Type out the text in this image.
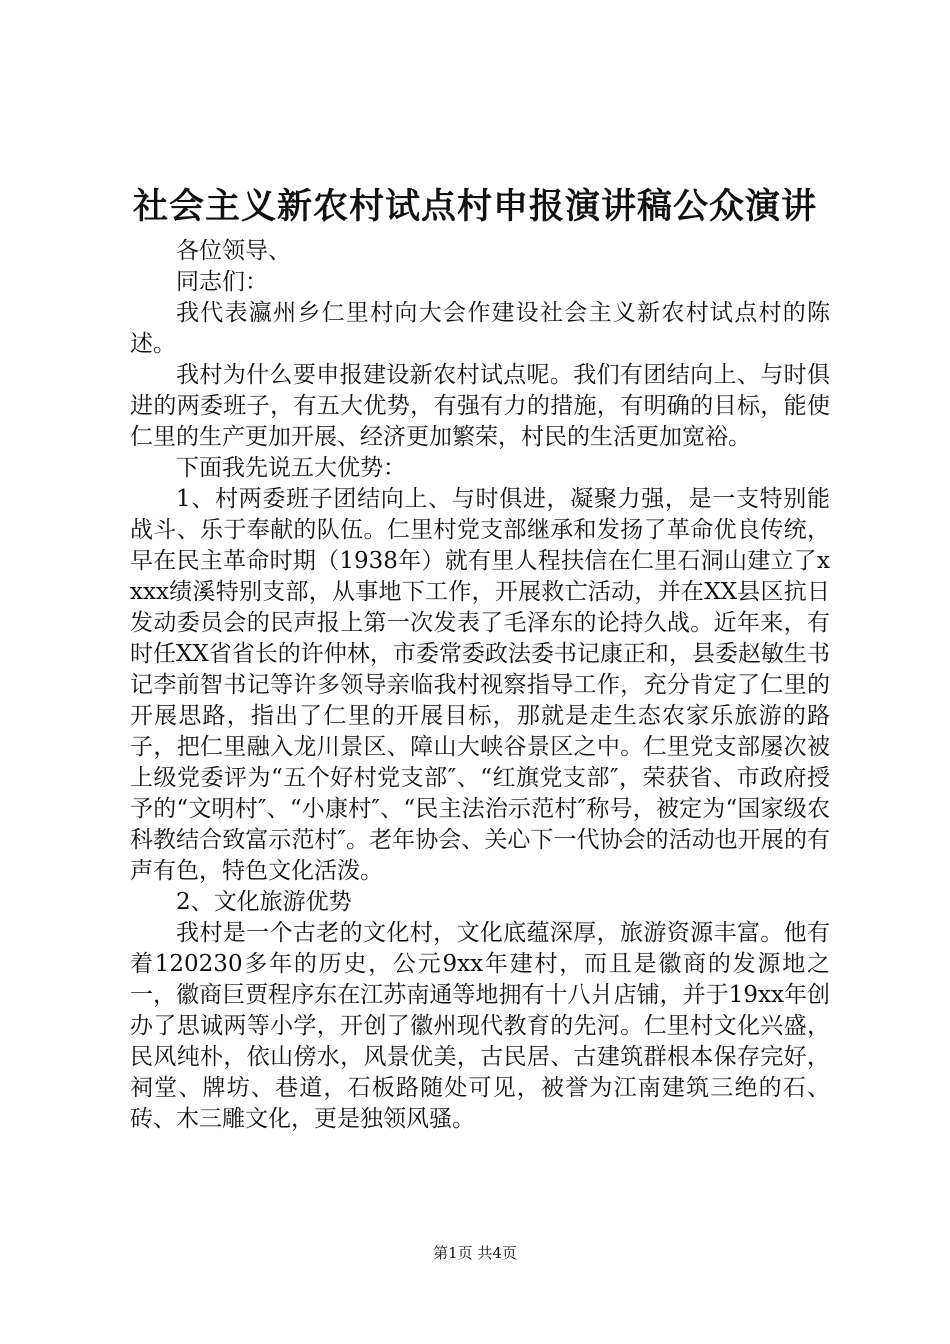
社会主义新农村试点村申报演讲稿公众演讲

各位领导、

同志们：

我代表瀛州乡仁里村向大会作建设社会主义新农村试点村的陈述。

我村为什么要申报建设新农村试点呢。我们有团结向上、与时俱进的两委班子，有五大优势，有强有力的措施，有明确的目标，能使仁里的生产更加开展、经济更加繁荣，村民的生活更加宽裕。

下面我先说五大优势：

1、村两委班子团结向上、与时俱进，凝聚力强，是一支特别能战斗、乐于奉献的队伍。仁里村党支部继承和发扬了革命优良传统，早在民主革命时期（1938年）就有里人程扶信在仁里石洞山建立了xxxx绩溪特别支部，从事地下工作，开展救亡活动，并在XX县区抗日发动委员会的民声报上第一次发表了毛泽东的论持久战。近年来，有时任XX省省长的许仲林，市委常委政法委书记康正和，县委赵敏生书记李前智书记等许多领导亲临我村视察指导工作，充分肯定了仁里的开展思路，指出了仁里的开展目标，那就是走生态农家乐旅游的路子，把仁里融入龙川景区、障山大峡谷景区之中。仁里党支部屡次被上级党委评为“五个好村党支部″、“红旗党支部″，荣获省、市政府授予的“文明村″、“小康村″、“民主法治示范村″称号，被定为“国家级农科教结合致富示范村″。老年协会、关心下一代协会的活动也开展的有声有色，特色文化活泼。

2、文化旅游优势

我村是一个古老的文化村，文化底蕴深厚，旅游资源丰富。他有着120230多年的历史，公元9xx年建村，而且是徽商的发源地之一，徽商巨贾程序东在江苏南通等地拥有十八爿店铺，并于19xx年创办了思诚两等小学，开创了徽州现代教育的先河。仁里村文化兴盛，民风纯朴，依山傍水，风景优美，古民居、古建筑群根本保存完好，祠堂、牌坊、巷道，石板路随处可见，被誉为江南建筑三绝的石、砖、木三雕文化，更是独领风骚。

第1页 共4页
